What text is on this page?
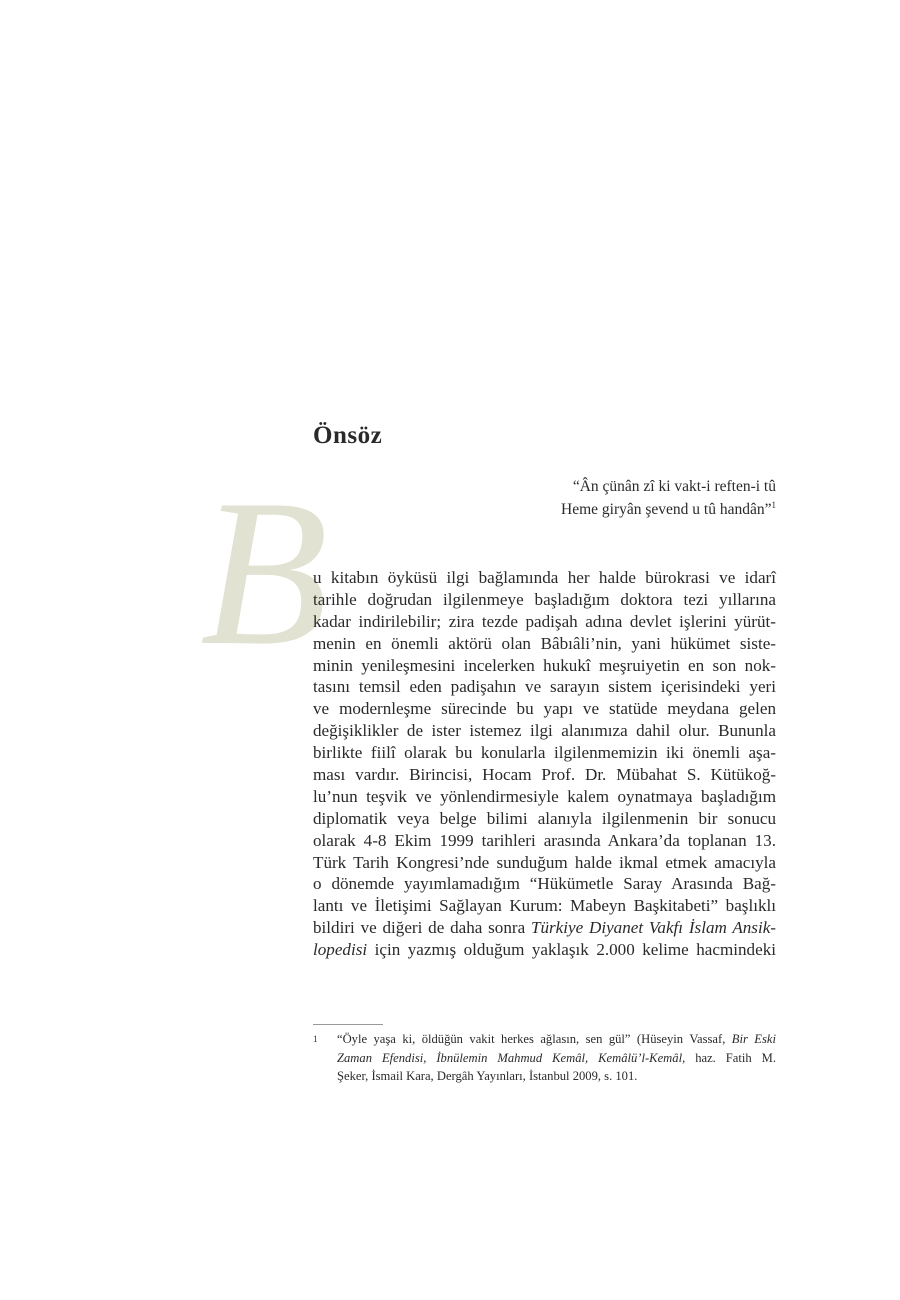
Önsöz
“Ân çünân zî ki vakt-i reften-i tû
Heme giryân şevend u tû handân”$^1$
B
u kitabın öyküsü ilgi bağlamında her halde bürokrasi ve idarî
tarihle doğrudan ilgilenmeye başladığım doktora tezi yıllarına
kadar indirilebilir; zira tezde padişah adına devlet işlerini yürüt-
menin en önemli aktörü olan Bâbıâli’nin, yani hükümet siste-
minin yenileşmesini incelerken hukukî meşruiyetin en son nok-
tasını temsil eden padişahın ve sarayın sistem içerisindeki yeri
ve modernleşme sürecinde bu yapı ve statüde meydana gelen
değişiklikler de ister istemez ilgi alanımıza dahil olur. Bununla
birlikte fiilî olarak bu konularla ilgilenmemizin iki önemli aşa-
ması vardır. Birincisi, Hocam Prof. Dr. Mübahat S. Kütükoğ-
lu’nun teşvik ve yönlendirmesiyle kalem oynatmaya başladığım
diplomatik veya belge bilimi alanıyla ilgilenmenin bir sonucu
olarak 4-8 Ekim 1999 tarihleri arasında Ankara’da toplanan 13.
Türk Tarih Kongresi’nde sunduğum halde ikmal etmek amacıyla
o dönemde yayımlamadığım “Hükümetle Saray Arasında Bağ-
lantı ve İletişimi Sağlayan Kurum: Mabeyn Başkitabeti” başlıklı
bildiri ve diğeri de daha sonra Türkiye Diyanet Vakfı İslam Ansik-
lopedisi için yazmış olduğum yaklaşık 2.000 kelime hacmindeki
1 “Öyle yaşa ki, öldüğün vakit herkes ağlasın, sen gül” (Hüseyin Vassaf, Bir Eski
Zaman Efendisi, İbnülemin Mahmud Kemâl, Kemâlü’l-Kemâl, haz. Fatih M.
Şeker, İsmail Kara, Dergâh Yayınları, İstanbul 2009, s. 101.
